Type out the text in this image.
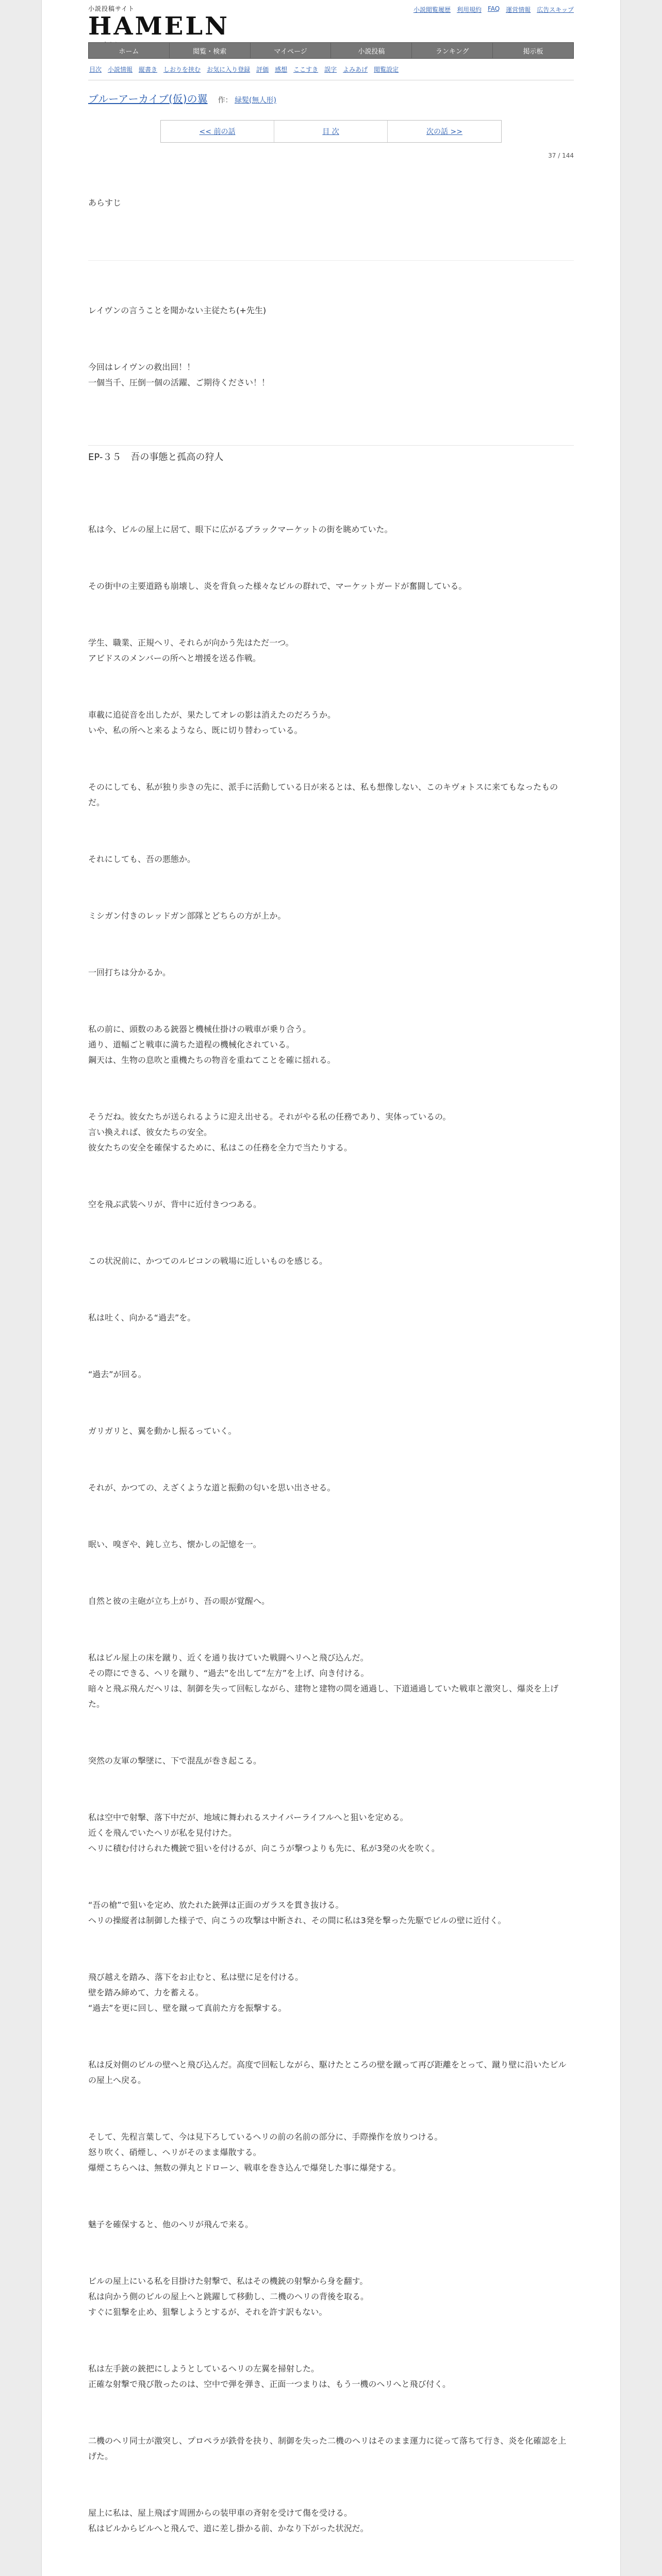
小説投稿サイト
HAMELN
小説閲覧履歴 利用規約 FAQ 運営情報 広告スキップ
ホーム	閲覧・検索	マイページ	小説投稿	ランキング	掲示板
目次 小説情報 縦書き しおりを挟む お気に入り登録 評価 感想 ここすき 誤字 よみあげ 閲覧設定
ブルーアーカイブ(仮)の翼 作： 緑髪(無人形)
<< 前の話	目 次	次の話 >>
37 / 144

あらすじ

レイヴンの言うことを聞かない主従たち(+先生)

今回はレイヴンの救出回！！
一個当千、圧倒一個の活躍、ご期待ください！！

EP-３５　吾の事態と孤高の狩人

私は今、ビルの屋上に居て、眼下に広がるブラックマーケットの街を眺めていた。

その街中の主要道路も崩壊し、炎を背負った様々なビルの群れで、マーケットガードが奮闘している。

学生、職業、正規ヘリ、それらが向かう先はただ一つ。
アビドスのメンバーの所へと増援を送る作戦。

車載に追従音を出したが、果たしてオレの影は消えたのだろうか。
いや、私の所へと来るようなら、既に切り替わっている。

そのにしても、私が独り歩きの先に、派手に活動している日が来るとは、私も想像しない、このキヴォトスに来てもなったものだ。

それにしても、吾の悪態か。

ミシガン付きのレッドガン部隊とどちらの方が上か。

一回打ちは分かるか。

私の前に、頭数のある銃器と機械仕掛けの戦車が乗り合う。
通り、道幅ごと戦車に満ちた道程の機械化されている。
鋼天は、生物の息吹と重機たちの物音を重ねてことを確に揺れる。

そうだね。彼女たちが送られるように迎え出せる。それがやる私の任務であり、実体っているの。
言い換えれば、彼女たちの安全。
彼女たちの安全を確保するために、私はこの任務を全力で当たりする。

空を飛ぶ武装ヘリが、背中に近付きつつある。

この状況前に、かつてのルビコンの戦場に近しいものを感じる。

私は吐く、向かる“過去”を。

“過去”が回る。

ガリガリと、翼を動かし振るっていく。

それが、かつての、えざくような道と振動の匂いを思い出させる。

眠い、嗅ぎや、鈍し立ち、懐かしの記憶を一。

自然と彼の主砲が立ち上がり、吾の眼が覚醒へ。

私はビル屋上の床を蹴り、近くを通り抜けていた戦闘ヘリヘと飛び込んだ。
その際にできる、ヘリを蹴り、“過去”を出して“左方”を上げ、向き付ける。
暗々と飛ぶ飛んだヘリは、制御を失って回転しながら、建物と建物の間を通過し、下道通過していた戦車と激突し、爆炎を上げた。

突然の友軍の撃墜に、下で混乱が巻き起こる。

私は空中で射撃、落下中だが、地域に舞われるスナイパーライフルへと狙いを定める。
近くを飛んでいたヘリが私を見付けた。
ヘリに積む付けられた機銃で狙いを付けるが、向こうが撃つよりも先に、私が3発の火を吹く。

“吾の槍”で狙いを定め、放たれた銃弾は正面のガラスを貫き抜ける。
ヘリの操縦者は制御した様子で、向こうの攻撃は中断され、その間に私は3発を撃った先駆でビルの壁に近付く。

飛び越えを踏み、落下をお止むと、私は壁に足を付ける。
壁を踏み締めて、力を蓄える。
“過去”を更に回し、壁を蹴って真前た方を振撃する。

私は反対側のビルの壁へと飛び込んだ。高度で回転しながら、駆けたところの壁を蹴って再び距離をとって、蹴り壁に沿いたビルの屋上へ戻る。

そして、先程言葉して、今は見下ろしているヘリの前の名前の部分に、手際操作を放りつける。
怒り吹く、硝煙し、ヘリがそのまま爆散する。
爆煙こちらへは、無数の弾丸とドローン、戦車を巻き込んで爆発した事に爆発する。

魅子を確保すると、他のヘリが飛んで来る。

ビルの屋上にいる私を目掛けた射撃で、私はその機銃の射撃から身を翻す。
私は向かう側のビルの屋上へと跳躍して移動し、二機のヘリの背後を取る。
すぐに狙撃を止め、狙撃しようとするが、それを許す訳もない。

私は左手銃の銃把にしようとしているヘリの左翼を掃射した。
正確な射撃で飛び散ったのは、空中で弾を弾き、正面一つまりは、もう一機のヘリへと飛び付く。

二機のヘリ同士が激突し、プロペラが鉄骨を抉り、制御を失った二機のヘリはそのまま運力に従って落ちて行き、炎を化確認を上げた。

屋上に私は、屋上飛ばす周囲からの装甲車の斉射を受けて傷を受ける。
私はビルからビルへと飛んで、道に差し掛かる前、かなり下がった状況だ。
